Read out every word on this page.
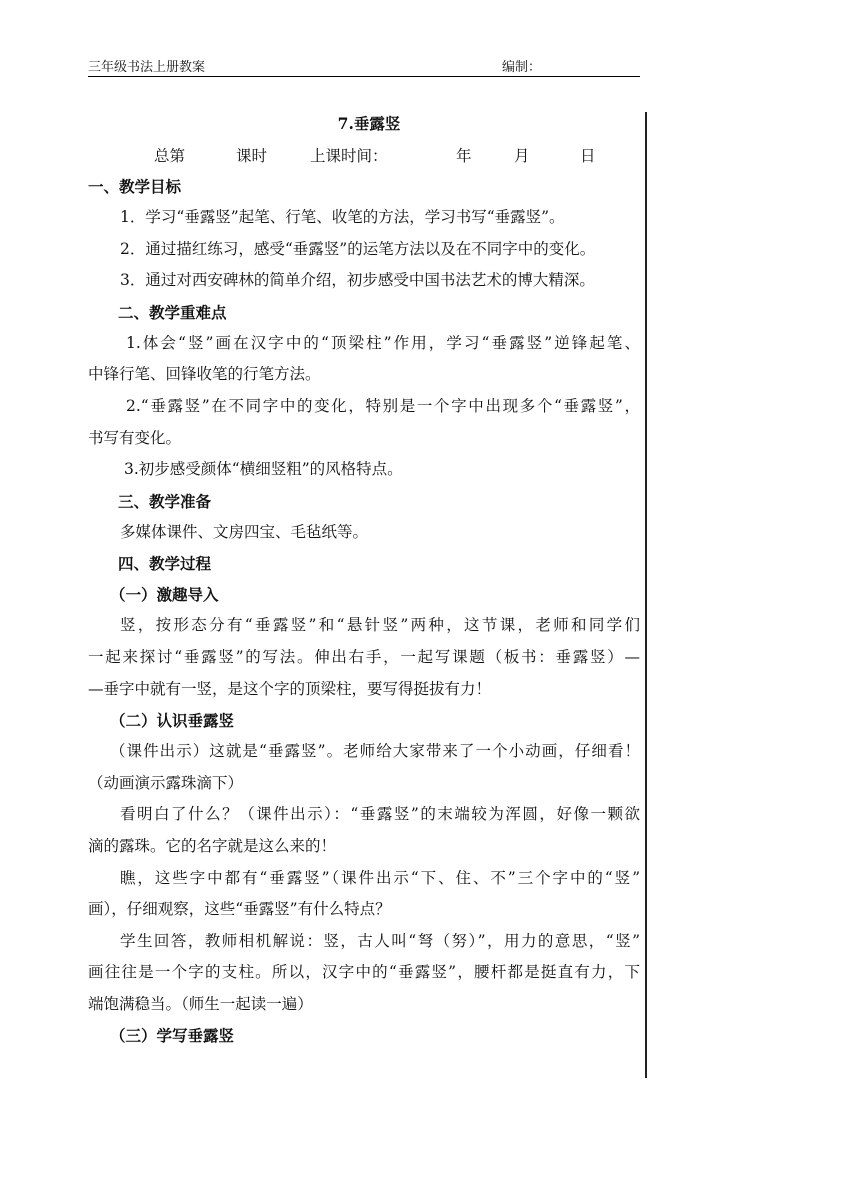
三年级书法上册教案	编制：
7.垂露竖
总第	课时	上课时间：	年	月	日
一、教学目标
1．学习“垂露竖”起笔、行笔、收笔的方法，学习书写“垂露竖”。
2．通过描红练习，感受“垂露竖”的运笔方法以及在不同字中的变化。
3．通过对西安碑林的简单介绍，初步感受中国书法艺术的博大精深。
二、教学重难点
1.体会“竖”画在汉字中的“顶梁柱”作用，学习“垂露竖”逆锋起笔、
中锋行笔、回锋收笔的行笔方法。
2.“垂露竖”在不同字中的变化，特别是一个字中出现多个“垂露竖”，
书写有变化。
3.初步感受颜体“横细竖粗”的风格特点。
三、教学准备
多媒体课件、文房四宝、毛毡纸等。
四、教学过程
（一）激趣导入
竖，按形态分有“垂露竖”和“悬针竖”两种，这节课，老师和同学们
一起来探讨“垂露竖”的写法。伸出右手，一起写课题（板书：垂露竖）—
—垂字中就有一竖，是这个字的顶梁柱，要写得挺拔有力！
（二）认识垂露竖
（课件出示）这就是“垂露竖”。老师给大家带来了一个小动画，仔细看！
（动画演示露珠滴下）
看明白了什么？（课件出示）：“垂露竖”的末端较为浑圆，好像一颗欲
滴的露珠。它的名字就是这么来的！
瞧，这些字中都有“垂露竖”（课件出示“下、住、不”三个字中的“竖”
画），仔细观察，这些“垂露竖”有什么特点？
学生回答，教师相机解说：竖，古人叫“弩（努）”，用力的意思，“竖”
画往往是一个字的支柱。所以，汉字中的“垂露竖”，腰杆都是挺直有力，下
端饱满稳当。（师生一起读一遍）
（三）学写垂露竖
